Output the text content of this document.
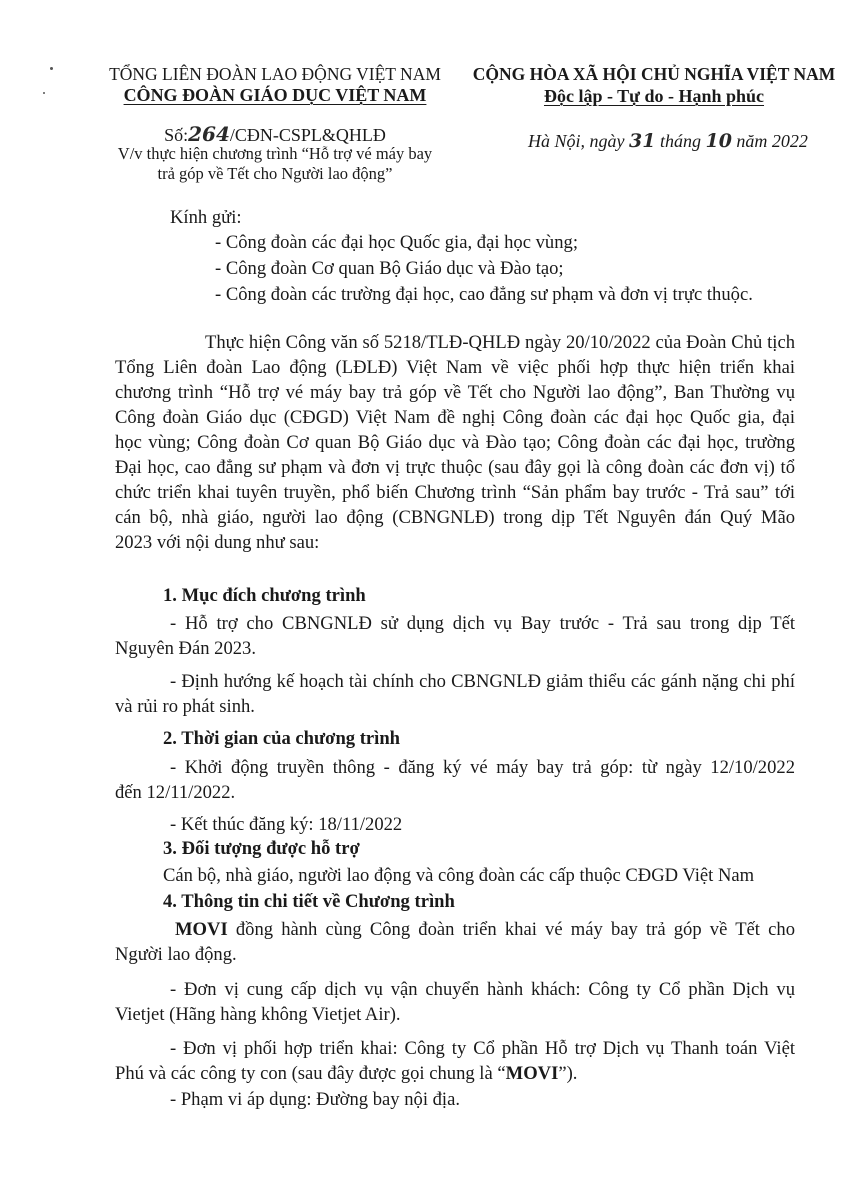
TỔNG LIÊN ĐOÀN LAO ĐỘNG VIỆT NAM
CÔNG ĐOÀN GIÁO DỤC VIỆT NAM
Số:264/CĐN-CSPL&QHLĐ
V/v thực hiện chương trình “Hỗ trợ vé máy bay
trả góp về Tết cho Người lao động”
CỘNG HÒA XÃ HỘI CHỦ NGHĨA VIỆT NAM
Độc lập - Tự do - Hạnh phúc
Hà Nội, ngày 31 tháng 10 năm 2022
Kính gửi:
- Công đoàn các đại học Quốc gia, đại học vùng;
- Công đoàn Cơ quan Bộ Giáo dục và Đào tạo;
- Công đoàn các trường đại học, cao đẳng sư phạm và đơn vị trực thuộc.
Thực hiện Công văn số 5218/TLĐ-QHLĐ ngày 20/10/2022 của Đoàn Chủ tịch
Tổng Liên đoàn Lao động (LĐLĐ) Việt Nam về việc phối hợp thực hiện triển khai
chương trình “Hỗ trợ vé máy bay trả góp về Tết cho Người lao động”, Ban Thường vụ
Công đoàn Giáo dục (CĐGD) Việt Nam đề nghị Công đoàn các đại học Quốc gia, đại
học vùng; Công đoàn Cơ quan Bộ Giáo dục và Đào tạo; Công đoàn các đại học, trường
Đại học, cao đẳng sư phạm và đơn vị trực thuộc (sau đây gọi là công đoàn các đơn vị) tổ
chức triển khai tuyên truyền, phổ biến Chương trình “Sản phẩm bay trước - Trả sau” tới
cán bộ, nhà giáo, người lao động (CBNGNLĐ) trong dịp Tết Nguyên đán Quý Mão
2023 với nội dung như sau:
1. Mục đích chương trình
- Hỗ trợ cho CBNGNLĐ sử dụng dịch vụ Bay trước - Trả sau trong dịp Tết
Nguyên Đán 2023.
- Định hướng kế hoạch tài chính cho CBNGNLĐ giảm thiểu các gánh nặng chi phí
và rủi ro phát sinh.
2. Thời gian của chương trình
- Khởi động truyền thông - đăng ký vé máy bay trả góp: từ ngày 12/10/2022
đến 12/11/2022.
- Kết thúc đăng ký: 18/11/2022
3. Đối tượng được hỗ trợ
Cán bộ, nhà giáo, người lao động và công đoàn các cấp thuộc CĐGD Việt Nam
4. Thông tin chi tiết về Chương trình
MOVI đồng hành cùng Công đoàn triển khai vé máy bay trả góp về Tết cho
Người lao động.
- Đơn vị cung cấp dịch vụ vận chuyển hành khách: Công ty Cổ phần Dịch vụ
Vietjet (Hãng hàng không Vietjet Air).
- Đơn vị phối hợp triển khai: Công ty Cổ phần Hỗ trợ Dịch vụ Thanh toán Việt
Phú và các công ty con (sau đây được gọi chung là “MOVI”).
- Phạm vi áp dụng: Đường bay nội địa.
